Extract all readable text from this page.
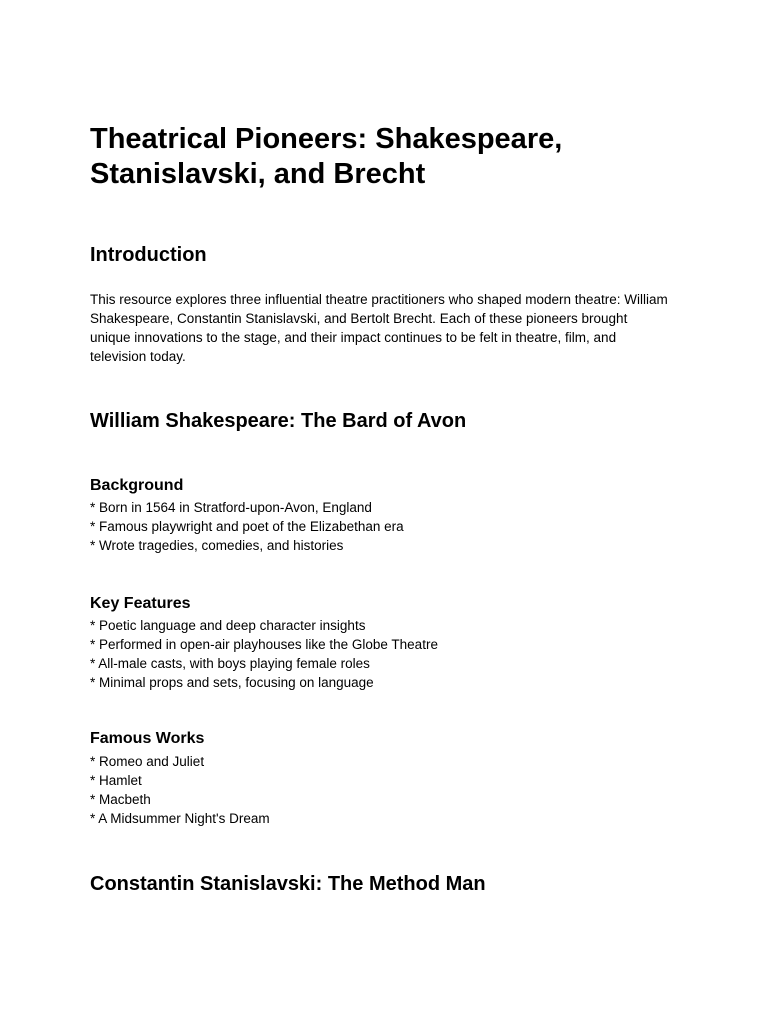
Theatrical Pioneers: Shakespeare, Stanislavski, and Brecht
Introduction

This resource explores three influential theatre practitioners who shaped modern theatre: William Shakespeare, Constantin Stanislavski, and Bertolt Brecht. Each of these pioneers brought unique innovations to the stage, and their impact continues to be felt in theatre, film, and television today.

William Shakespeare: The Bard of Avon
Background
* Born in 1564 in Stratford-upon-Avon, England
* Famous playwright and poet of the Elizabethan era
* Wrote tragedies, comedies, and histories
Key Features
* Poetic language and deep character insights
* Performed in open-air playhouses like the Globe Theatre
* All-male casts, with boys playing female roles
* Minimal props and sets, focusing on language
Famous Works
* Romeo and Juliet
* Hamlet
* Macbeth
* A Midsummer Night's Dream
Constantin Stanislavski: The Method Man
